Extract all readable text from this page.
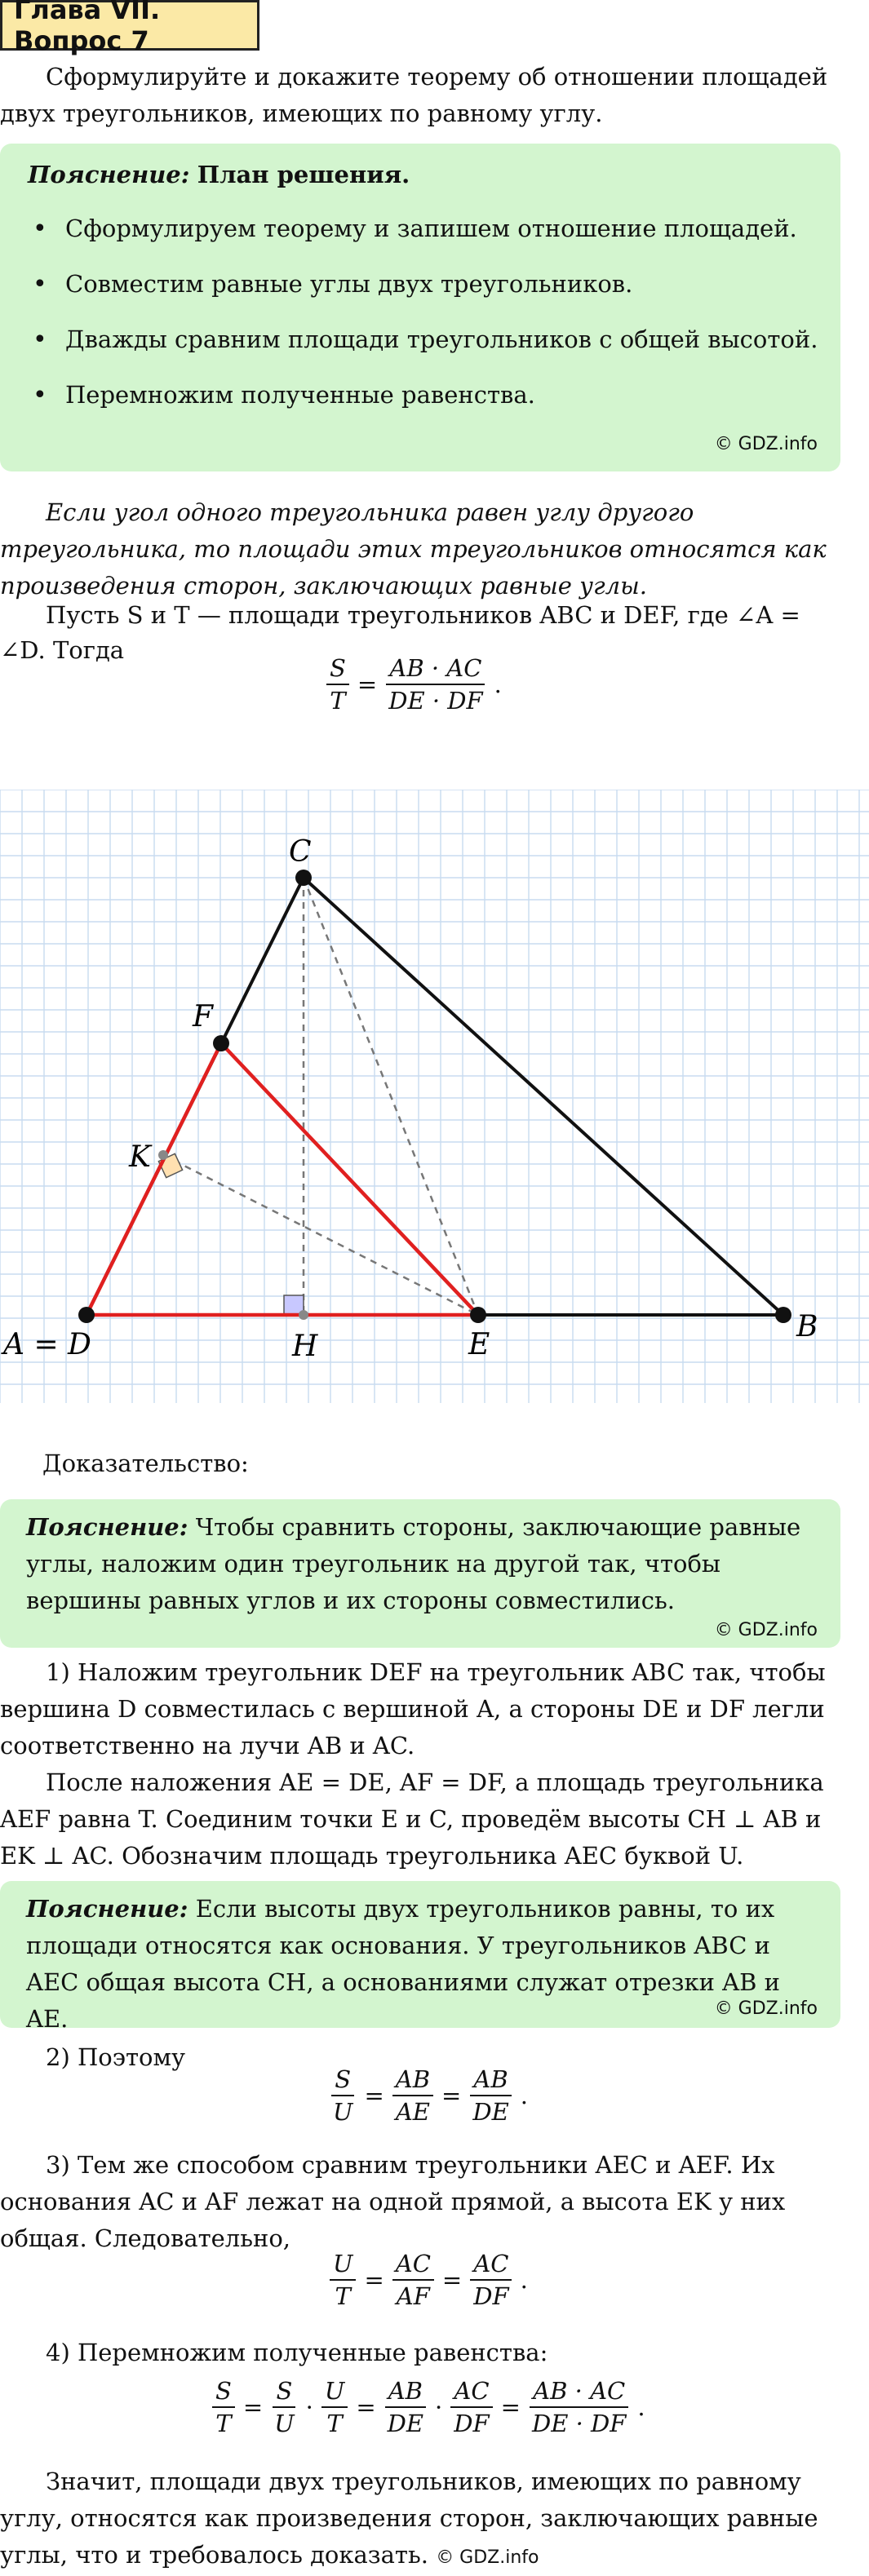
Глава VII. Вопрос 7

Сформулируйте и докажите теорему об отношении площадей двух треугольников, имеющих по равному углу.

Пояснение: План решения.
• Сформулируем теорему и запишем отношение площадей.
• Совместим равные углы двух треугольников.
• Дважды сравним площади треугольников с общей высотой.
• Перемножим полученные равенства.
© GDZ.info

Если угол одного треугольника равен углу другого треугольника, то площади этих треугольников относятся как произведения сторон, заключающих равные углы.

Пусть S и T — площади треугольников ABC и DEF, где ∠A =
∠D. Тогда
$\frac{S}{T} = \frac{AB \cdot AC}{DE \cdot DF}$ .
A = D
B
C
E
F
H
K
Доказательство:

Пояснение: Чтобы сравнить стороны, заключающие равные углы, наложим один треугольник на другой так, чтобы вершины равных углов и их стороны совместились.

© GDZ.info

1) Наложим треугольник DEF на треугольник ABC так, чтобы вершина D совместилась с вершиной A, а стороны DE и DF легли соответственно на лучи AB и AC.

После наложения AE = DE, AF = DF, а площадь треугольника AEF равна T. Соединим точки E и C, проведём высоты CH ⊥ AB и EK ⊥ AC. Обозначим площадь треугольника AEC буквой U.

Пояснение: Если высоты двух треугольников равны, то их площади относятся как основания. У треугольников ABC и AEC общая высота CH, а основаниями служат отрезки AB и AE.	© GDZ.info
2) Поэтому
$\frac{S}{U} = \frac{AB}{AE} = \frac{AB}{DE}$ .

3) Тем же способом сравним треугольники AEC и AEF. Их основания AC и AF лежат на одной прямой, а высота EK у них общая. Следовательно,

$\frac{U}{T} = \frac{AC}{AF} = \frac{AC}{DF}$ .
4) Перемножим полученные равенства:
$\frac{S}{T} = \frac{S}{U} \cdot \frac{U}{T} = \frac{AB}{DE} \cdot \frac{AC}{DF} = \frac{AB \cdot AC}{DE \cdot DF}$ .

Значит, площади двух треугольников, имеющих по равному углу, относятся как произведения сторон, заключающих равные углы, что и требовалось доказать. © GDZ.info
